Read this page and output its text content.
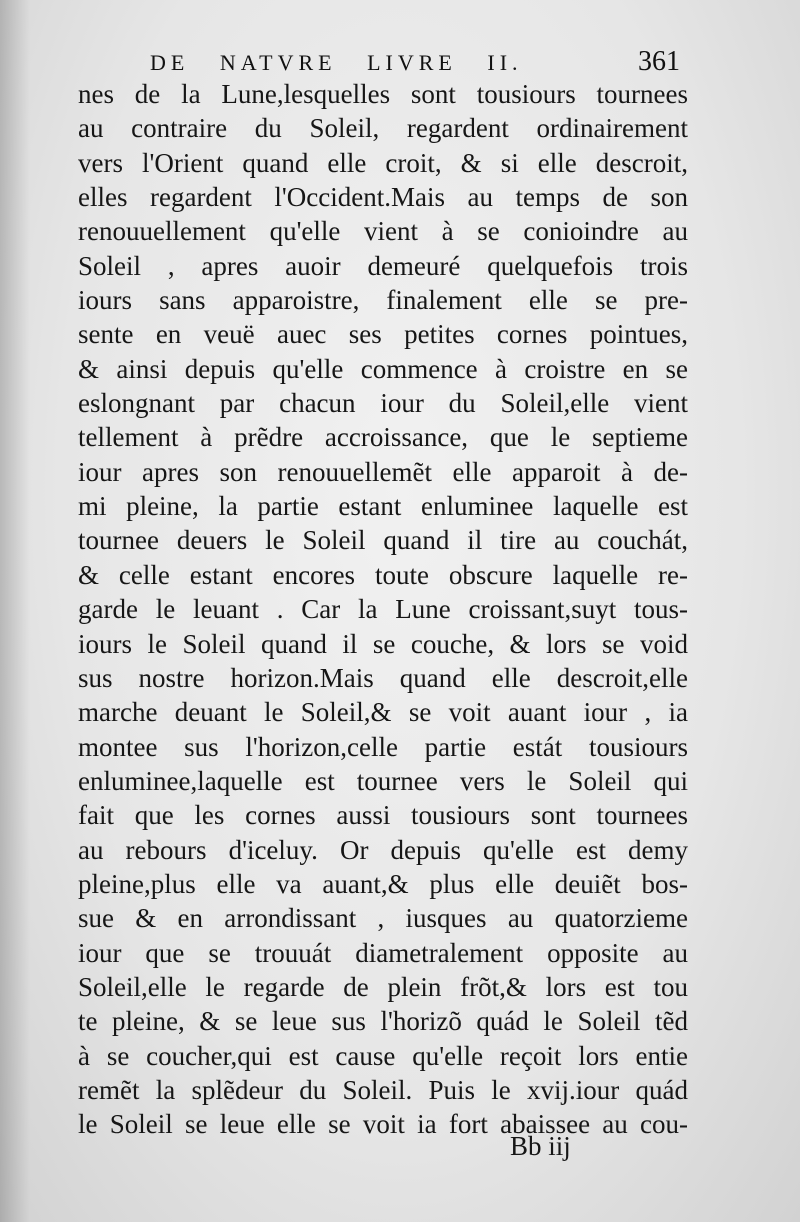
DE NATVRE LIVRE II.	361
nes de la Lune,lesquelles sont tousiours tournees
au contraire du Soleil, regardent ordinairement
vers l'Orient quand elle croit, & si elle descroit,
elles regardent l'Occident.Mais au temps de son
renouuellement qu'elle vient à se conioindre au
Soleil , apres auoir demeuré quelquefois trois
iours sans apparoistre, finalement elle se pre-
sente en veuë auec ses petites cornes pointues,
& ainsi depuis qu'elle commence à croistre en se
eslongnant par chacun iour du Soleil,elle vient
tellement à prẽdre accroissance, que le septieme
iour apres son renouuellemẽt elle apparoit à de-
mi pleine, la partie estant enluminee laquelle est
tournee deuers le Soleil quand il tire au couchát,
& celle estant encores toute obscure laquelle re-
garde le leuant . Car la Lune croissant,suyt tous-
iours le Soleil quand il se couche, & lors se void
sus nostre horizon.Mais quand elle descroit,elle
marche deuant le Soleil,& se voit auant iour , ia
montee sus l'horizon,celle partie estát tousiours
enluminee,laquelle est tournee vers le Soleil qui
fait que les cornes aussi tousiours sont tournees
au rebours d'iceluy. Or depuis qu'elle est demy
pleine,plus elle va auant,& plus elle deuiẽt bos-
sue & en arrondissant , iusques au quatorzieme
iour que se trouuát diametralement opposite au
Soleil,elle le regarde de plein frõt,& lors est tou
te pleine, & se leue sus l'horizõ quád le Soleil tẽd
à se coucher,qui est cause qu'elle reçoit lors entie
remẽt la splẽdeur du Soleil. Puis le xvij.iour quád
le Soleil se leue elle se voit ia fort abaissee au cou-
Bb iij
